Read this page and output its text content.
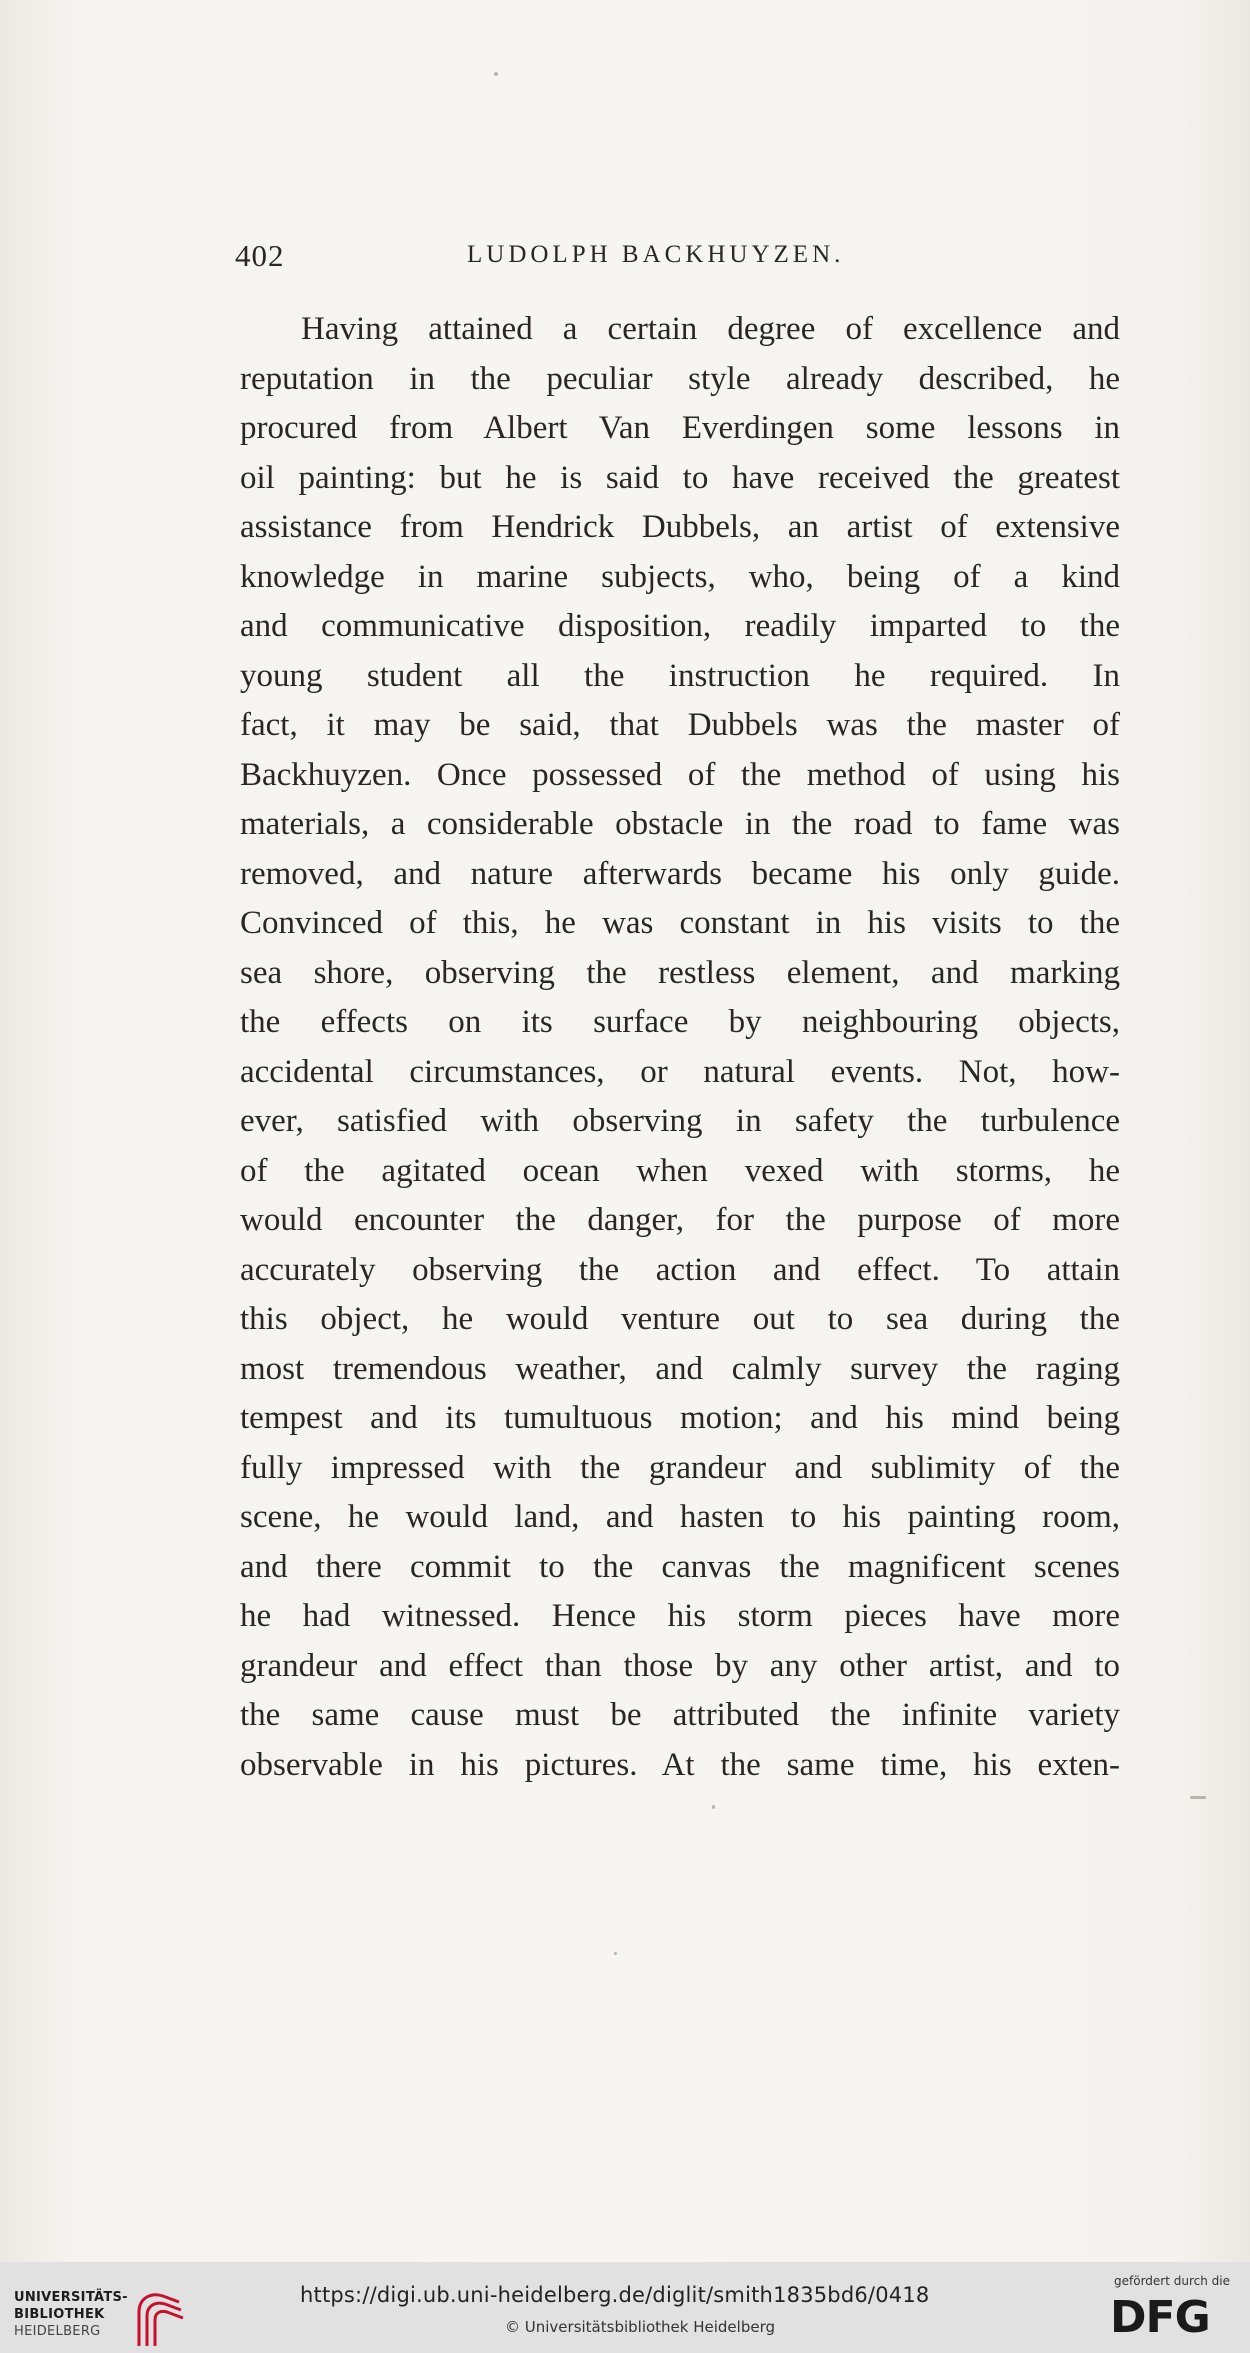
402	LUDOLPH BACKHUYZEN.
Having attained a certain degree of excellence and
reputation in the peculiar style already described, he
procured from Albert Van Everdingen some lessons in
oil painting: but he is said to have received the greatest
assistance from Hendrick Dubbels, an artist of extensive
knowledge in marine subjects, who, being of a kind
and communicative disposition, readily imparted to the
young student all the instruction he required. In
fact, it may be said, that Dubbels was the master of
Backhuyzen. Once possessed of the method of using his
materials, a considerable obstacle in the road to fame was
removed, and nature afterwards became his only guide.
Convinced of this, he was constant in his visits to the
sea shore, observing the restless element, and marking
the effects on its surface by neighbouring objects,
accidental circumstances, or natural events. Not, how-
ever, satisfied with observing in safety the turbulence
of the agitated ocean when vexed with storms, he
would encounter the danger, for the purpose of more
accurately observing the action and effect. To attain
this object, he would venture out to sea during the
most tremendous weather, and calmly survey the raging
tempest and its tumultuous motion; and his mind being
fully impressed with the grandeur and sublimity of the
scene, he would land, and hasten to his painting room,
and there commit to the canvas the magnificent scenes
he had witnessed. Hence his storm pieces have more
grandeur and effect than those by any other artist, and to
the same cause must be attributed the infinite variety
observable in his pictures. At the same time, his exten-
UNIVERSITÄTS-
BIBLIOTHEK
HEIDELBERG
https://digi.ub.uni-heidelberg.de/diglit/smith1835bd6/0418
© Universitätsbibliothek Heidelberg
gefördert durch die
DFG
